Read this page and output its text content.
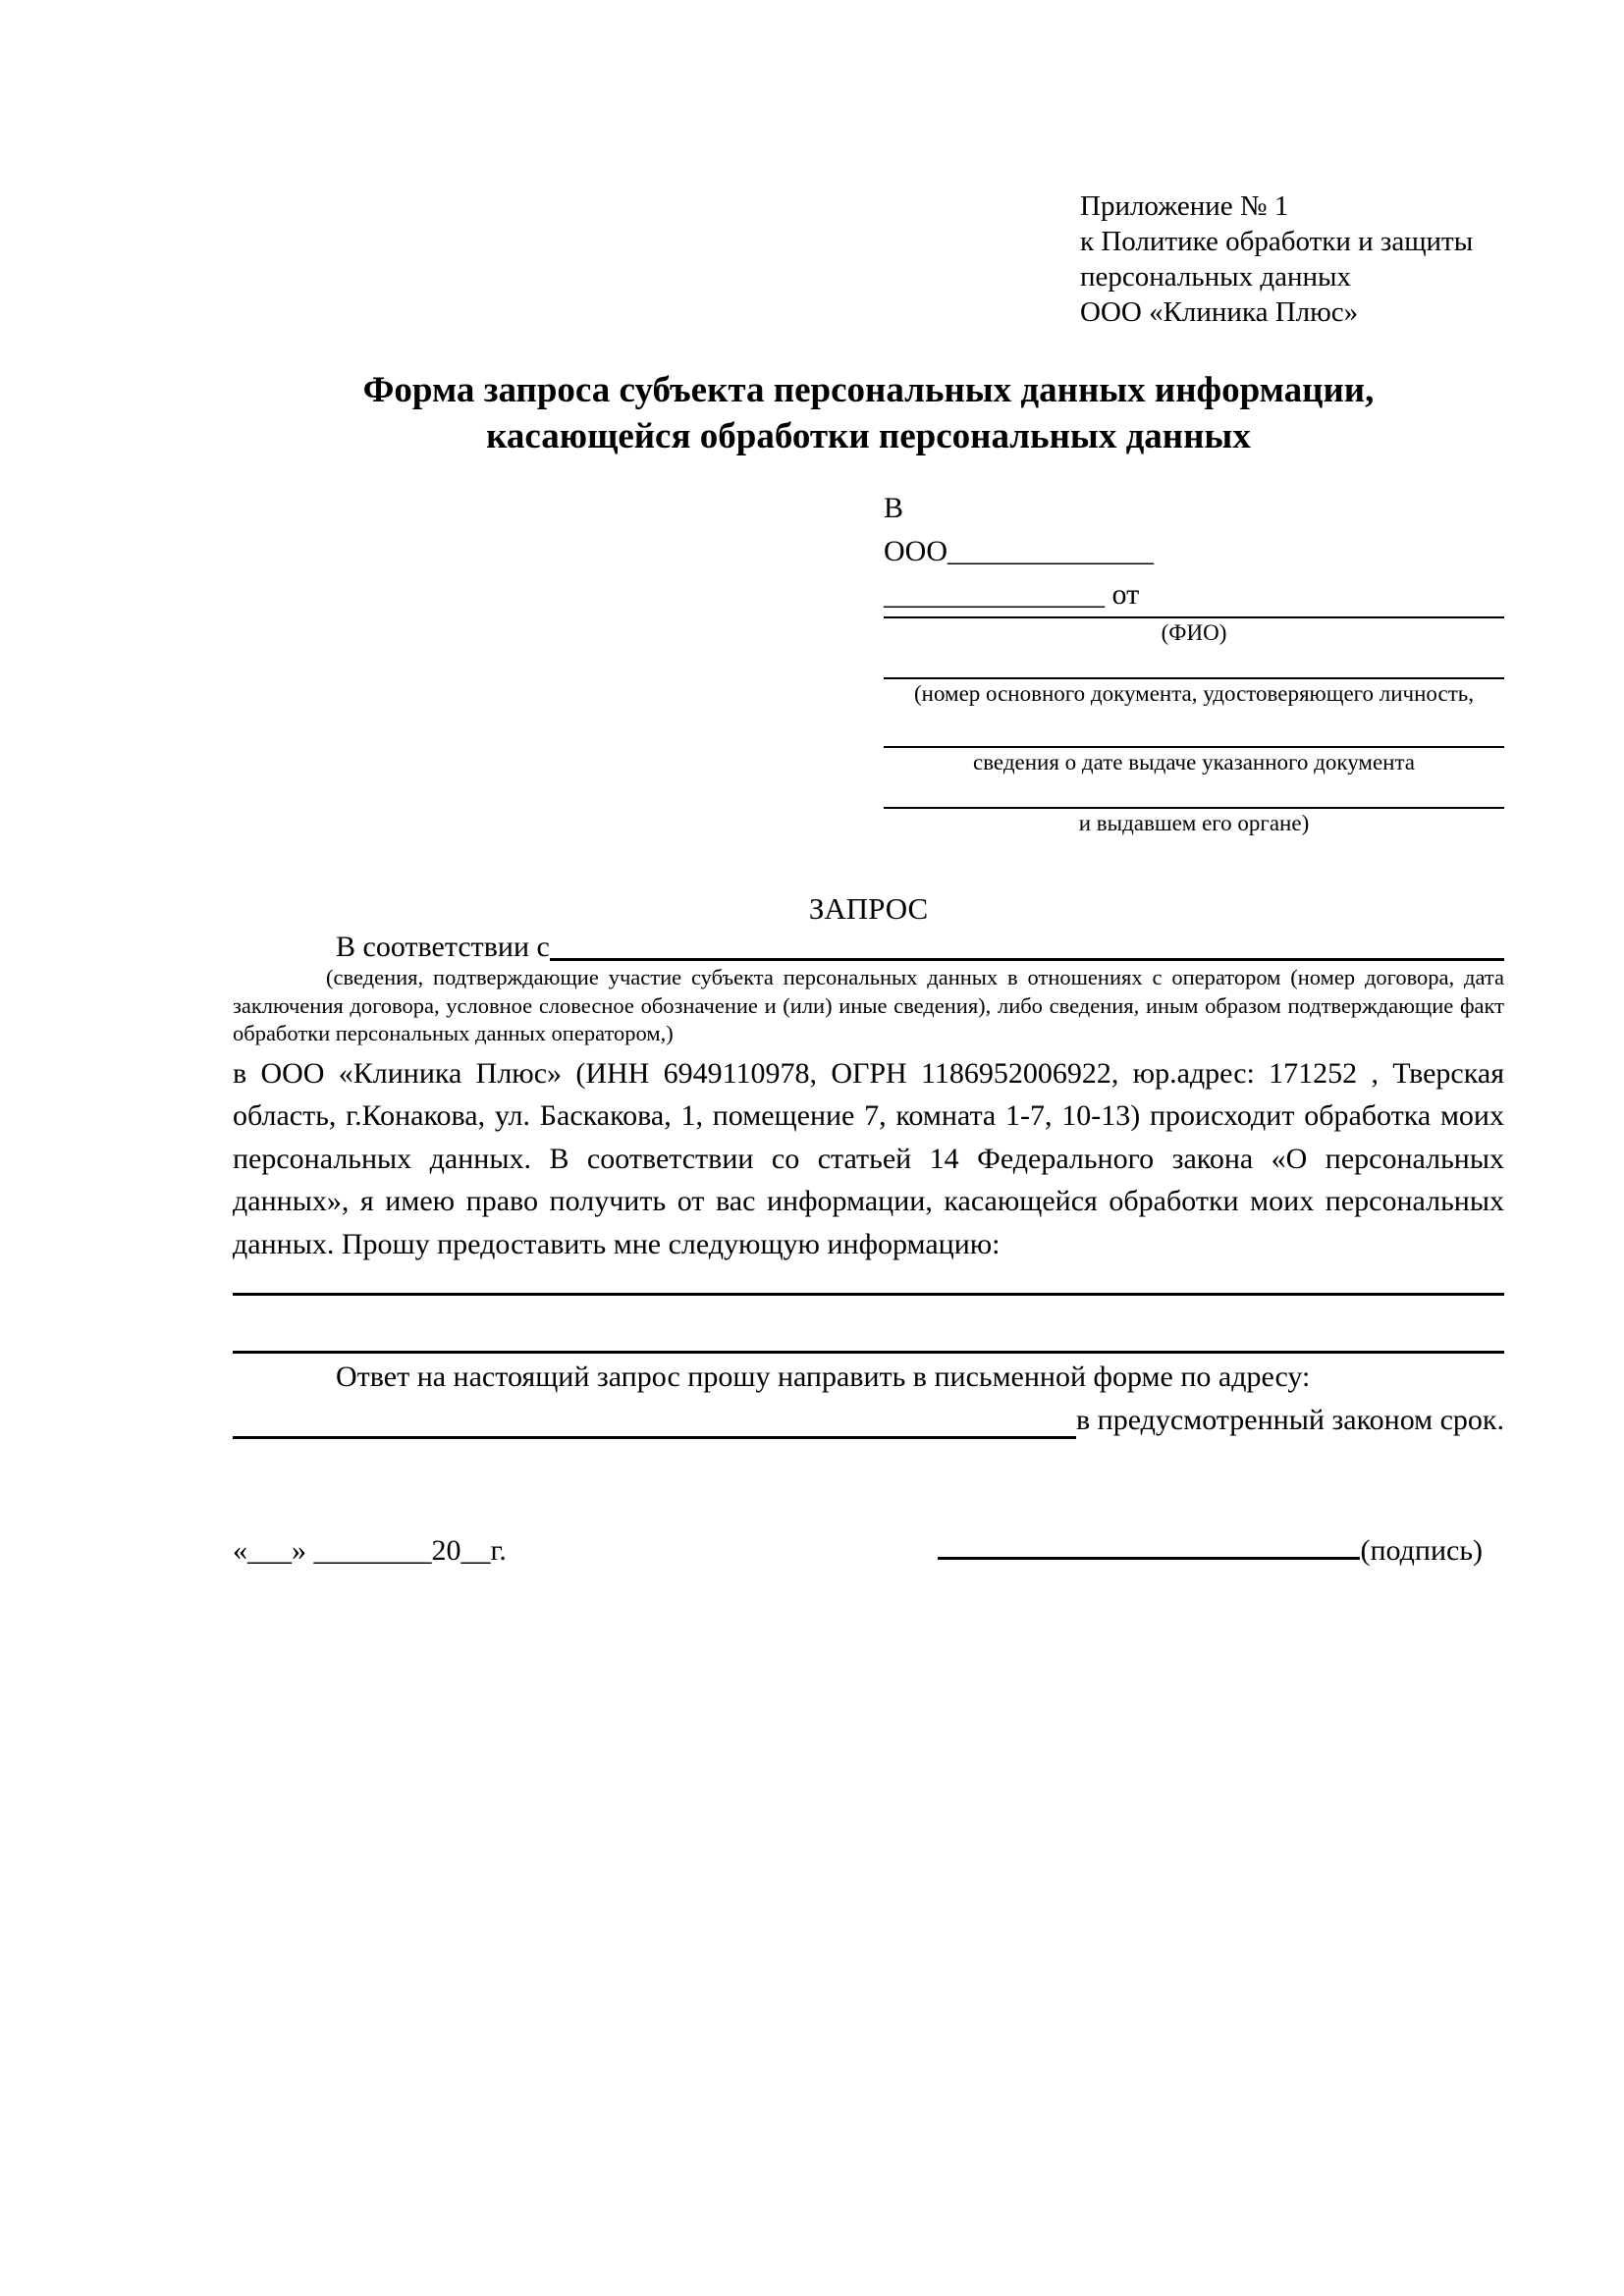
Приложение № 1
к Политике обработки и защиты
персональных данных
ООО «Клиника Плюс»
Форма запроса субъекта персональных данных информации,
касающейся обработки персональных данных
В
ООО______________
_______________ от
(ФИО)
(номер основного документа, удостоверяющего личность,
сведения о дате выдаче указанного документа
и выдавшем его органе)
ЗАПРОС
В соответствии с
(сведения, подтверждающие участие субъекта персональных данных в отношениях с оператором (номер договора, дата заключения договора, условное словесное обозначение и (или) иные сведения), либо сведения, иным образом подтверждающие факт обработки персональных данных оператором,)
в ООО «Клиника Плюс» (ИНН 6949110978, ОГРН 1186952006922, юр.адрес: 171252 , Тверская область, г.Конакова, ул. Баскакова, 1, помещение 7, комната 1-7, 10-13) происходит обработка моих персональных данных. В соответствии со статьей 14 Федерального закона «О персональных данных», я имею право получить от вас информации, касающейся обработки моих персональных данных. Прошу предоставить мне следующую информацию:
Ответ на настоящий запрос прошу направить в письменной форме по адресу:
в предусмотренный законом срок.
«___» ________20__г.	(подпись)
